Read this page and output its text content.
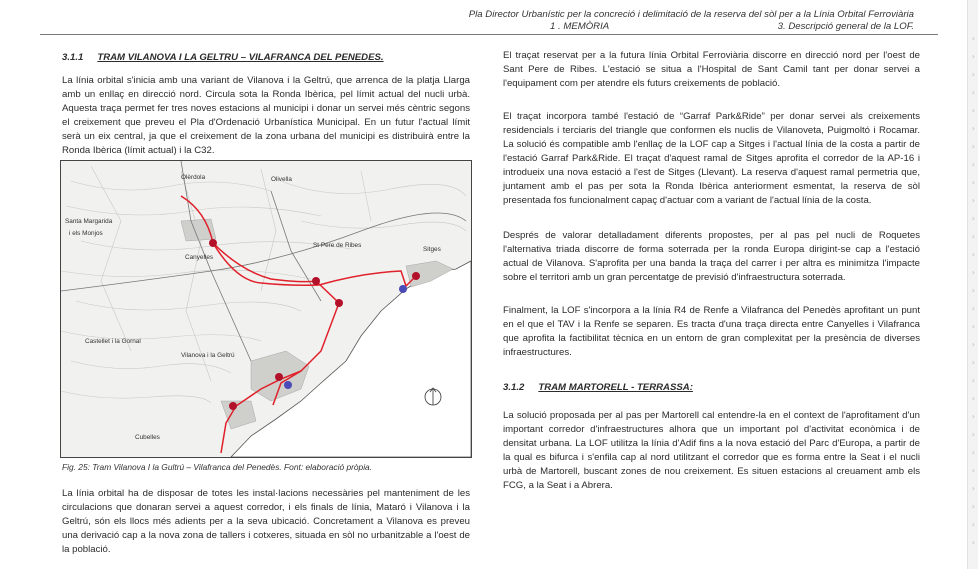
Pla Director Urbanístic per la concreció i delimitació de la reserva del sòl per a la Línia Orbital Ferroviària
1 . MEMÒRIA	3. Descripció general de la LOF.
›
›
›
›
›
›
›
›
›
›
›
›
›
›
›
›
›
›
›
›
›
›
›
›
›
›
›
›
›
3.1.1 TRAM VILANOVA I LA GELTRU – VILAFRANCA DEL PENEDES.

La línia orbital s'inicia amb una variant de Vilanova i la Geltrú, que arrenca de la platja Llarga amb un enllaç en direcció nord. Circula sota la Ronda Ibèrica, pel límit actual del nucli urbà. Aquesta traça permet fer tres noves estacions al municipi i donar un servei més cèntric segons el creixement que preveu el Pla d'Ordenació Urbanística Municipal. En un futur l'actual límit serà un eix central, ja que el creixement de la zona urbana del municipi es distribuirà entre la Ronda Ibèrica (límit actual) i la C32.

Olèrdola	Olivella
Santa Margarida
i els Monjos
Canyelles
St Pere de Ribes
Sitges
Castellet i la Gornal
Vilanova i la Geltrú
Cubelles
Fig. 25: Tram Vilanova I la Gultrú – Vilafranca del Penedès. Font: elaboració pròpia.

La línia orbital ha de disposar de totes les instal·lacions necessàries pel manteniment de les circulacions que donaran servei a aquest corredor, i els finals de línia, Mataró i Vilanova i la Geltrú, són els llocs més adients per a la seva ubicació. Concretament a Vilanova es preveu una derivació cap a la nova zona de tallers i cotxeres, situada en sòl no urbanitzable a l'oest de la població.

El traçat reservat per a la futura línia Orbital Ferroviària discorre en direcció nord per l'oest de Sant Pere de Ribes. L'estació se situa a l'Hospital de Sant Camil tant per donar servei a l'equipament com per atendre els futurs creixements de població.

El traçat incorpora també l'estació de “Garraf Park&Ride” per donar servei als creixements residencials i terciaris del triangle que conformen els nuclis de Vilanoveta, Puigmoltó i Rocamar. La solució és compatible amb l'enllaç de la LOF cap a Sitges i l'actual línia de la costa a partir de l'estació Garraf Park&Ride. El traçat d'aquest ramal de Sitges aprofita el corredor de la AP-16 i introdueix una nova estació a l'est de Sitges (Llevant). La reserva d'aquest ramal permetria que, juntament amb el pas per sota la Ronda Ibèrica anteriorment esmentat, la reserva de sòl presentada fos funcionalment capaç d'actuar com a variant de l'actual línia de la costa.

Després de valorar detalladament diferents propostes, per al pas pel nucli de Roquetes l'alternativa triada discorre de forma soterrada per la ronda Europa dirigint-se cap a l'estació actual de Vilanova. S'aprofita per una banda la traça del carrer i per altra es minimitza l'impacte sobre el territori amb un gran percentatge de previsió d'infraestructura soterrada.

Finalment, la LOF s'incorpora a la línia R4 de Renfe a Vilafranca del Penedès aprofitant un punt en el que el TAV i la Renfe se separen. Es tracta d'una traça directa entre Canyelles i Vilafranca que aprofita la factibilitat tècnica en un entorn de gran complexitat per la presència de diverses infraestructures.

3.1.2 TRAM MARTORELL - TERRASSA:

La solució proposada per al pas per Martorell cal entendre-la en el context de l'aprofitament d'un important corredor d'infraestructures alhora que un important pol d'activitat econòmica i de densitat urbana. La LOF utilitza la línia d'Adif fins a la nova estació del Parc d'Europa, a partir de la qual es bifurca i s'enfila cap al nord utilitzant el corredor que es forma entre la Seat i el nucli urbà de Martorell, buscant zones de nou creixement. Es situen estacions al creuament amb els FCG, a la Seat i a Abrera.
